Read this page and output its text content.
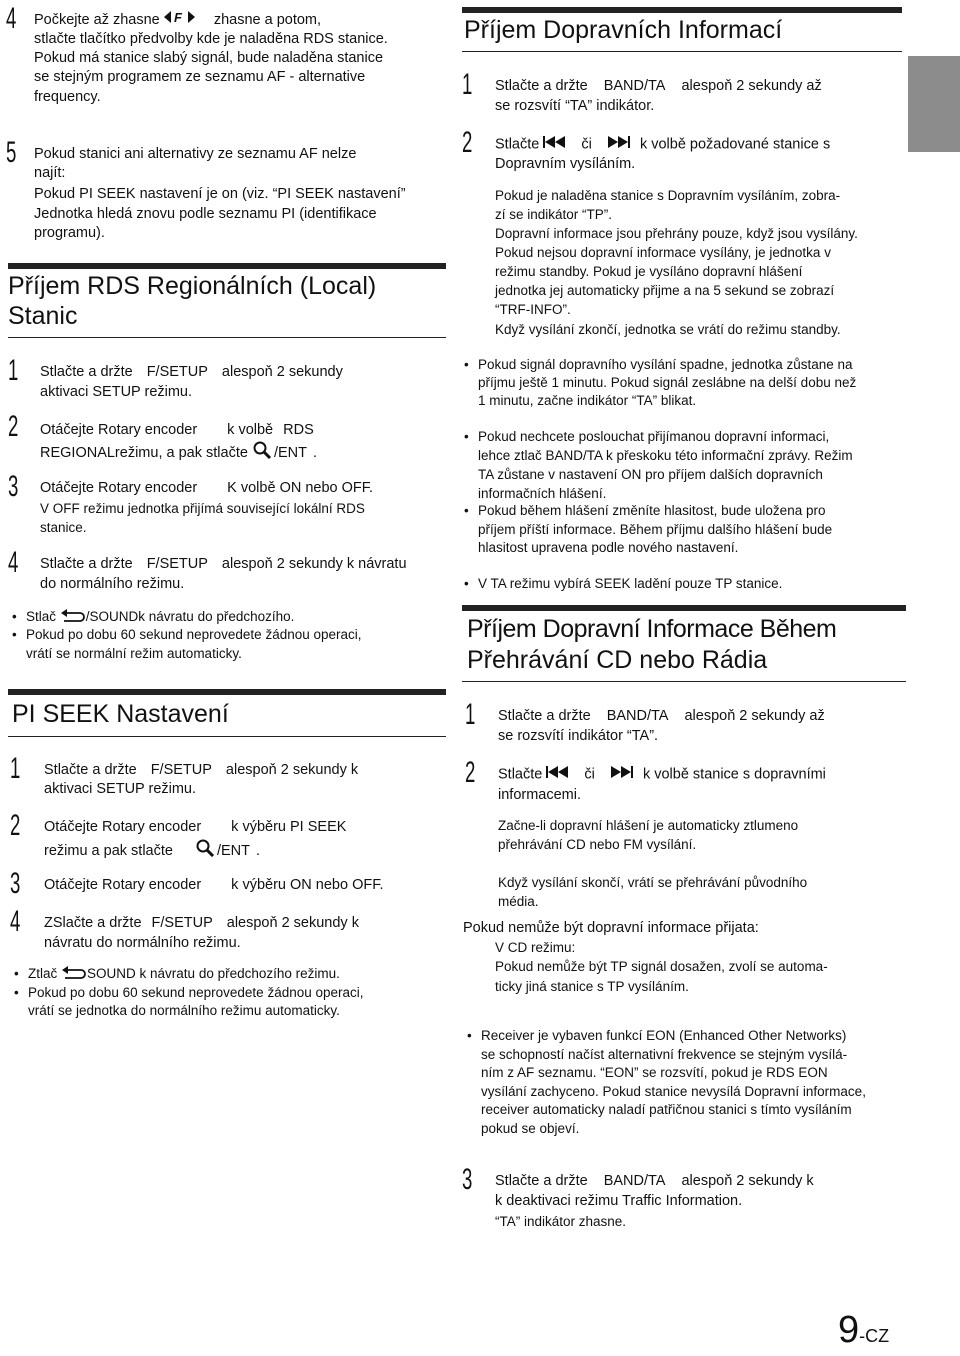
4 Počkejte až zhasne F zhasne a potom,
stlačte tlačítko předvolby kde je naladěna RDS stanice.
Pokud má stanice slabý signál, bude naladěna stanice
se stejným programem ze seznamu AF - alternative
frequency.
5 Pokud stanici ani alternativy ze seznamu AF nelze
najít:
Pokud PI SEEK nastavení je on (viz. “PI SEEK nastavení”
Jednotka hledá znovu podle seznamu PI (identifikace
programu).
Příjem RDS Regionálních (Local)
Stanic
1 Stlačte a držte F/SETUP alespoň 2 sekundy
aktivaci SETUP režimu.
2 Otáčejte Rotary encoder k volbě RDS
REGIONALrežimu, a pak stlačte /ENT .
3 Otáčejte Rotary encoder K volbě ON nebo OFF.
V OFF režimu jednotka přijímá související lokální RDS
stanice.
4 Stlačte a držte F/SETUP alespoň 2 sekundy k návratu
do normálního režimu.
• Stlač /SOUNDk návratu do předchozího.
• Pokud po dobu 60 sekund neprovedete žádnou operaci,
vrátí se normální režim automaticky.
PI SEEK Nastavení
1 Stlačte a držte F/SETUP alespoň 2 sekundy k
aktivaci SETUP režimu.
2 Otáčejte Rotary encoder k výběru PI SEEK
režimu a pak stlačte	/ENT .
3 Otáčejte Rotary encoder k výběru ON nebo OFF.
4 ZSlačte a držte F/SETUP alespoň 2 sekundy k
návratu do normálního režimu.
• Ztlač SOUND k návratu do předchozího režimu.
• Pokud po dobu 60 sekund neprovedete žádnou operaci,
vrátí se jednotka do normálního režimu automaticky.
Příjem Dopravních Informací
1 Stlačte a držte BAND/TA alespoň 2 sekundy až
se rozsvítí “TA” indikátor.
2 Stlačte	či	k volbě požadované stanice s
Dopravním vysíláním.
Pokud je naladěna stanice s Dopravním vysíláním, zobra-
zí se indikátor “TP”.
Dopravní informace jsou přehrány pouze, když jsou vysílány.
Pokud nejsou dopravní informace vysílány, je jednotka v
režimu standby. Pokud je vysíláno dopravní hlášení
jednotka jej automaticky přijme a na 5 sekund se zobrazí
“TRF-INFO”.
Když vysílání zkončí, jednotka se vrátí do režimu standby.
• Pokud signál dopravního vysílání spadne, jednotka zůstane na
příjmu ještě 1 minutu. Pokud signál zeslábne na delší dobu než
1 minutu, začne indikátor “TA” blikat.
• Pokud nechcete poslouchat přijímanou dopravní informaci,
lehce ztlač BAND/TA k přeskoku této informační zprávy. Režim
TA zůstane v nastavení ON pro příjem dalších dopravních
informačních hlášení.
• Pokud během hlášení změníte hlasitost, bude uložena pro
příjem příští informace. Během příjmu dalšího hlášení bude
hlasitost upravena podle nového nastavení.
• V TA režimu vybírá SEEK ladění pouze TP stanice.
Příjem Dopravní Informace Během
Přehrávání CD nebo Rádia
1 Stlačte a držte BAND/TA alespoň 2 sekundy až
se rozsvítí indikátor “TA”.
2 Stlačte	či	k volbě stanice s dopravními
informacemi.
Začne-li dopravní hlášení je automaticky ztlumeno
přehrávání CD nebo FM vysílání.
Když vysílání skončí, vrátí se přehrávání původního
média.
Pokud nemůže být dopravní informace přijata:
V CD režimu:
Pokud nemůže být TP signál dosažen, zvolí se automa-
ticky jiná stanice s TP vysíláním.
• Receiver je vybaven funkcí EON (Enhanced Other Networks)
se schopností načíst alternativní frekvence se stejným vysílá-
ním z AF seznamu. “EON” se rozsvítí, pokud je RDS EON
vysílání zachyceno. Pokud stanice nevysílá Dopravní informace,
receiver automaticky naladí patřičnou stanici s tímto vysíláním
pokud se objeví.
3 Stlačte a držte BAND/TA alespoň 2 sekundy k
k deaktivaci režimu Traffic Information.
“TA” indikátor zhasne.
9-CZ
